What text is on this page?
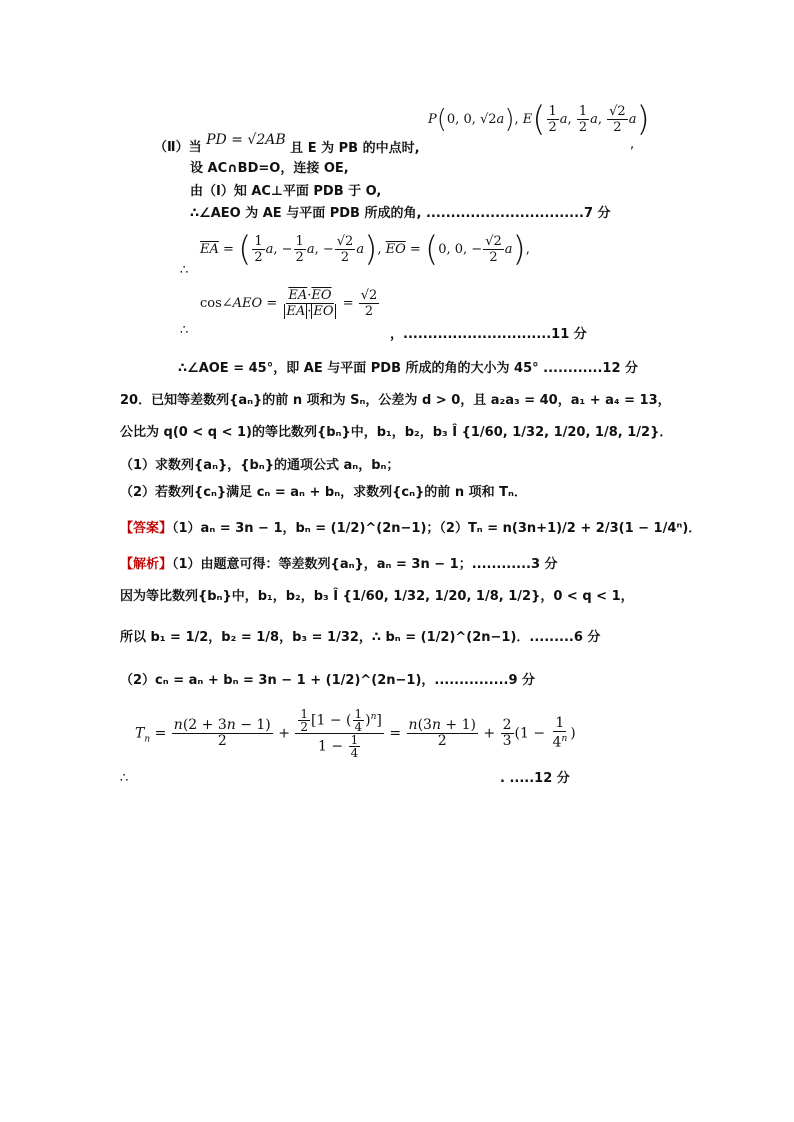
P(0, 0, √2a), $E( \frac{1}{2} a$, $\frac{1}{2} a$, $\frac{√2}{2} a$)
,
（Ⅱ）当 PD = √2AB 且 E 为 PB 的中点时,
设 AC∩BD=O，连接 OE,
由（Ⅰ）知 AC⊥平面 PDB 于 O,
∴∠AEO 为 AE 与平面 PDB 所成的角, ................................7 分
$\overline{EA}$ = ( $\frac{1}{2} a$, − $\frac{1}{2} a$, − $\frac{√2}{2} a$), $\overline{EO} = (0$, 0, − $\frac{√2}{2} a$),
∴
cos∠AEO = $\frac{\overline{EA}\cdot\overline{EO}}{\overline{EA} \cdot \overline{EO}} = \frac{√2}{2}$
，..............................11 分
∴
∴∠AOE = 45°，即 AE 与平面 PDB 所成的角的大小为 45° ............12 分
20．已知等差数列{aₙ}的前 n 项和为 Sₙ，公差为 d > 0，且 a₂a₃ = 40，a₁ + a₄ = 13，
公比为 q(0 < q < 1)的等比数列{bₙ}中，b₁，b₂，b₃ Î {1/60, 1/32, 1/20, 1/8, 1/2}．
（1）求数列{aₙ}，{bₙ}的通项公式 aₙ，bₙ；
（2）若数列{cₙ}满足 cₙ = aₙ + bₙ，求数列{cₙ}的前 n 项和 Tₙ．
【答案】（1）aₙ = 3n − 1，bₙ = (1/2)^(2n−1)；（2）Tₙ = n(3n+1)/2 + 2/3(1 − 1/4ⁿ)．
【解析】（1）由题意可得：等差数列{aₙ}，aₙ = 3n − 1；............3 分
因为等比数列{bₙ}中，b₁，b₂，b₃ Î {1/60, 1/32, 1/20, 1/8, 1/2}，0 < q < 1，
所以 b₁ = 1/2，b₂ = 1/8，b₃ = 1/32，∴ bₙ = (1/2)^(2n−1)．.........6 分
（2）cₙ = aₙ + bₙ = 3n − 1 + (1/2)^(2n−1)，...............9 分
$T_n = \frac{n(2 + 3n - 1)}{2} + \frac{\frac{1}{2} [1 - ( \frac{1}{4} )^n]}{1 - \frac{1}{4}} = \frac{n(3n + 1)}{2} + \frac{2}{3} (1 - \frac{1}{4^n}$ )
∴	. .....12 分
